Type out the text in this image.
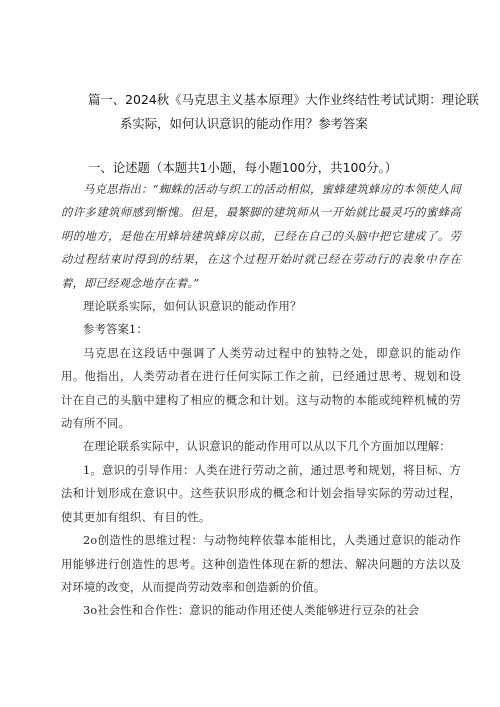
篇一、2024秋《马克思主义基本原理》大作业终结性考试试期：理论联
系实际，如何认识意识的能动作用？参考答案
一、论述题（本题共1小题，每小题100分，共100分。）

马克思指出：“蜘蛛的活动与织工的活动相似，蜜蜂建筑蜂房的本领使人间的许多建筑师感到惭愧。但是，最繁脚的建筑师从一开始就比最灵巧的蜜蜂高明的地方，是他在用蜂培建筑蜂房以前，已经在自己的头脑中把它建成了。劳动过程结束时得到的结果，在这个过程开始时就已经在劳动行的表象中存在着，即已经观念地存在着。”

理论联系实际，如何认识意识的能动作用？

参考答案1：

马克思在这段话中强调了人类劳动过程中的独特之处，即意识的能动作用。他指出，人类劳动者在进行任何实际工作之前，已经通过思考、规划和设计在自己的头脑中建构了相应的概念和计划。这与动物的本能或纯粹机械的劳动有所不同。

在理论联系实际中，认识意识的能动作用可以从以下几个方面加以理解：

1。意识的引导作用：人类在进行劳动之前，通过思考和规划，将目标、方法和计划形成在意识中。这些获识形成的概念和计划会指导实际的劳动过程，使其更加有组织、有目的性。

2o创造性的思维过程：与动物纯粹依靠本能相比，人类通过意识的能动作用能够进行创造性的思考。这种创造性体现在新的想法、解决问题的方法以及对环境的改变，从而提尚劳动效率和创造新的价值。

3o社会性和合作性：意识的能动作用还使人类能够进行豆杂的社会
